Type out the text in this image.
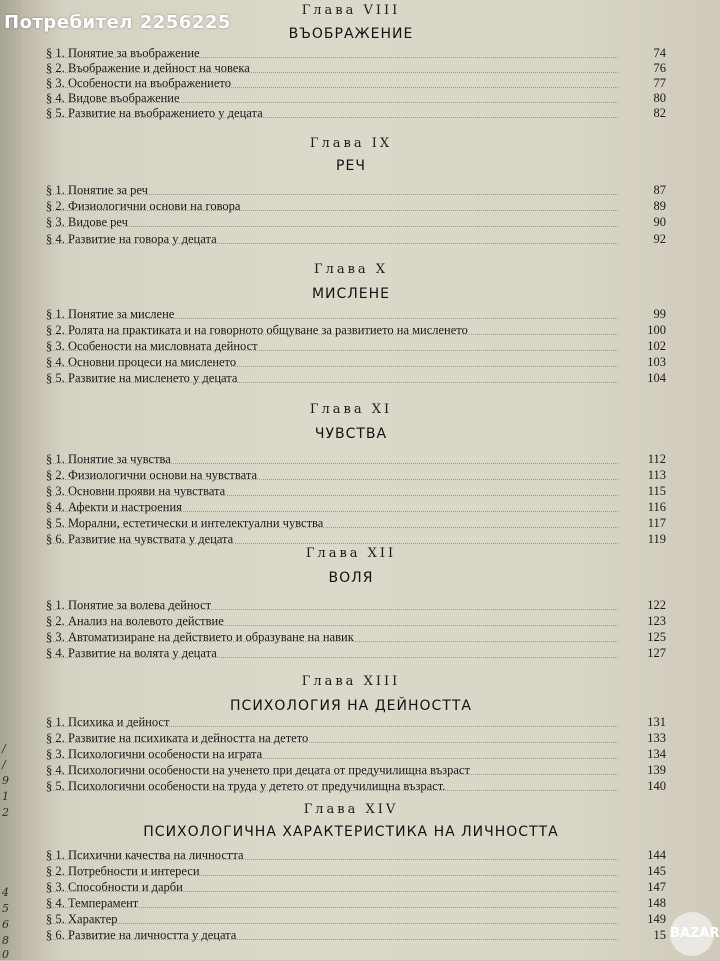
/
/
9
1
2
4
5
6
8
0
Потребител 2256225
Глава VIII
ВЪОБРАЖЕНИЕ
§ 1. Понятие за въображение	74
§ 2. Въображение и дейност на човека	76
§ 3. Особености на въображението	77
§ 4. Видове въображение	80
§ 5. Развитие на въображението у децата	82
Глава IX
РЕЧ
§ 1. Понятие за реч	87
§ 2. Физиологични основи на говора	89
§ 3. Видове реч	90
§ 4. Развитие на говора у децата	92
Глава X
МИСЛЕНЕ
§ 1. Понятие за мислене	99
§ 2. Ролята на практиката и на говорното общуване за развитието на мисленето	100
§ 3. Особености на мисловната дейност	102
§ 4. Основни процеси на мисленето	103
§ 5. Развитие на мисленето у децата	104
Глава XI
ЧУВСТВА
§ 1. Понятие за чувства	112
§ 2. Физиологични основи на чувствата	113
§ 3. Основни прояви на чувствата	115
§ 4. Афекти и настроения	116
§ 5. Морални, естетически и интелектуални чувства	117
§ 6. Развитие на чувствата у децата	119
Глава XII
ВОЛЯ
§ 1. Понятие за волева дейност	122
§ 2. Анализ на волевото действие	123
§ 3. Автоматизиране на действието и образуване на навик	125
§ 4. Развитие на волята у децата	127
Глава XIII
ПСИХОЛОГИЯ НА ДЕЙНОСТТА
§ 1. Психика и дейност	131
§ 2. Развитие на психиката и дейността на детето	133
§ 3. Психологични особености на играта	134
§ 4. Психологични особености на ученето при децата от предучилищна възраст	139
§ 5. Психологични особености на труда у детето от предучилищна възраст.	140
Глава XIV
ПСИХОЛОГИЧНА ХАРАКТЕРИСТИКА НА ЛИЧНОСТТА
§ 1. Психични качества на личността	144
§ 2. Потребности и интереси	145
§ 3. Способности и дарби	147
§ 4. Темперамент	148
§ 5. Характер	149
§ 6. Развитие на личността у децата	15 BAZAR
